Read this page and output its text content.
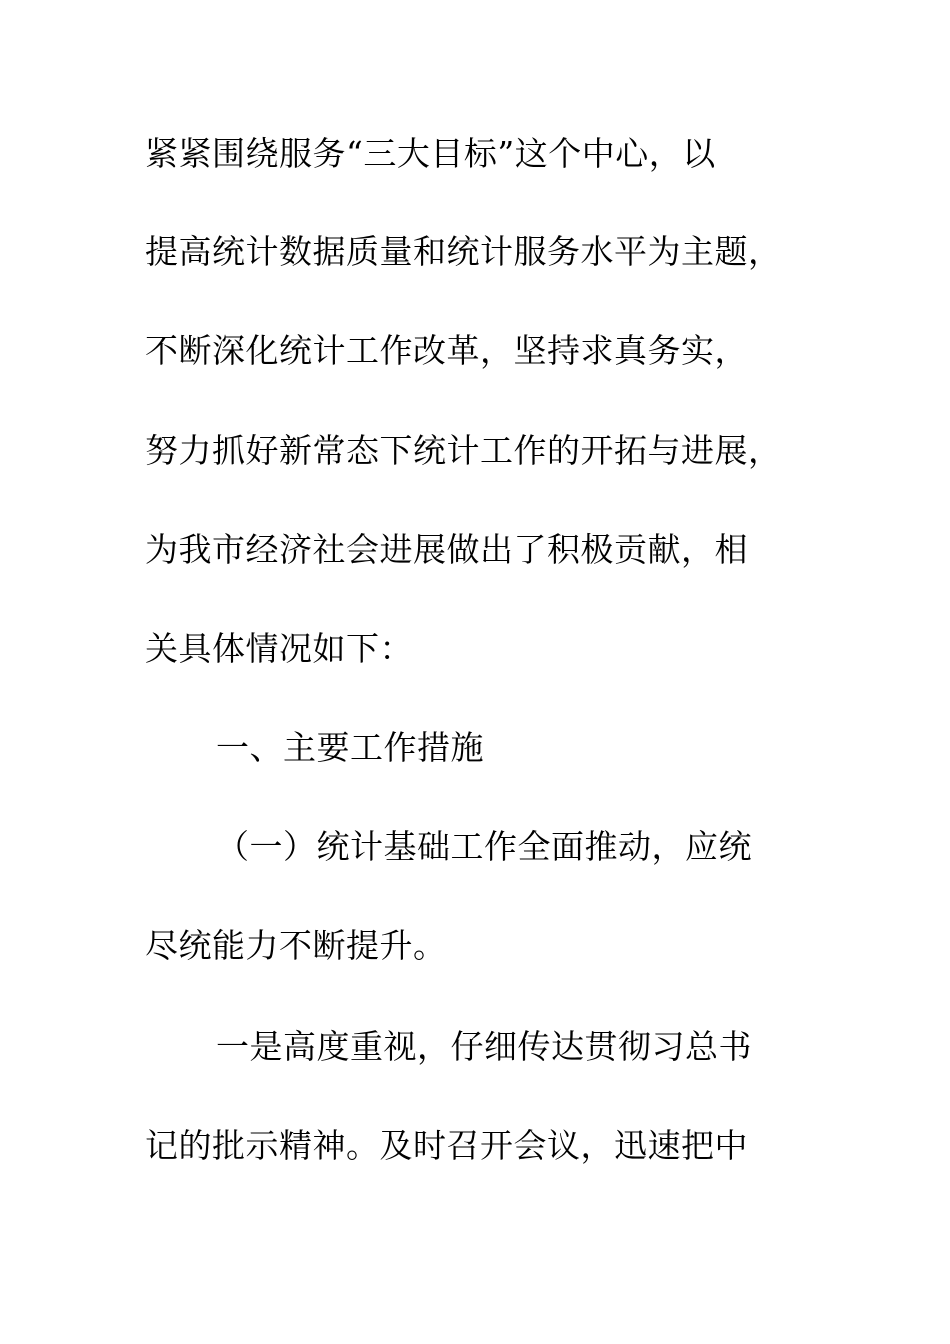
紧紧围绕服务“三大目标”这个中心，以
提高统计数据质量和统计服务水平为主题，
不断深化统计工作改革，坚持求真务实，
努力抓好新常态下统计工作的开拓与进展，
为我市经济社会进展做出了积极贡献，相
关具体情况如下：
一、主要工作措施
（一）统计基础工作全面推动，应统
尽统能力不断提升。
一是高度重视，仔细传达贯彻习总书
记的批示精神。及时召开会议，迅速把中
